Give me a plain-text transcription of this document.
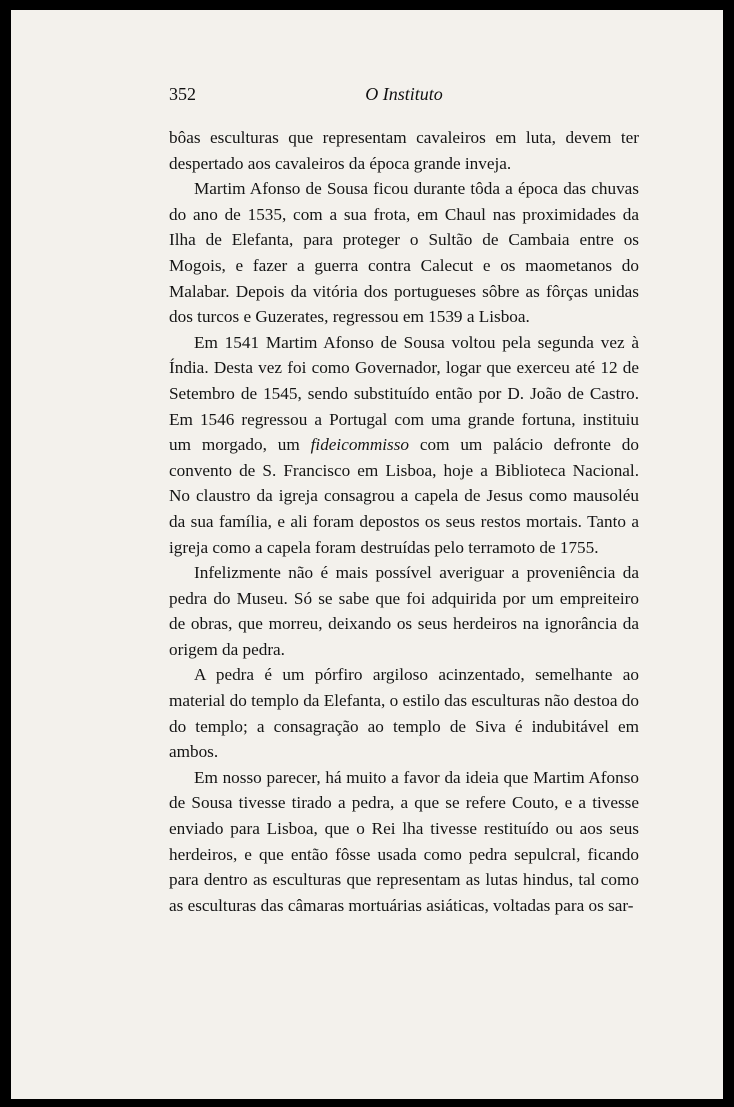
352	O Instituto

bôas esculturas que representam cavaleiros em luta, devem ter despertado aos cavaleiros da época grande inveja.

Martim Afonso de Sousa ficou durante tôda a época das chuvas do ano de 1535, com a sua frota, em Chaul nas proximidades da Ilha de Elefanta, para proteger o Sultão de Cambaia entre os Mogois, e fazer a guerra contra Calecut e os maometanos do Malabar. Depois da vitória dos portugueses sôbre as fôrças unidas dos turcos e Guzerates, regressou em 1539 a Lisboa.

Em 1541 Martim Afonso de Sousa voltou pela segunda vez à Índia. Desta vez foi como Governador, logar que exerceu até 12 de Setembro de 1545, sendo substituído então por D. João de Castro. Em 1546 regressou a Portugal com uma grande fortuna, instituiu um morgado, um fideicommisso com um palácio defronte do convento de S. Francisco em Lisboa, hoje a Biblioteca Nacional. No claustro da igreja consagrou a capela de Jesus como mausoléu da sua família, e ali foram depostos os seus restos mortais. Tanto a igreja como a capela foram destruídas pelo terramoto de 1755.

Infelizmente não é mais possível averiguar a proveniência da pedra do Museu. Só se sabe que foi adquirida por um empreiteiro de obras, que morreu, deixando os seus herdeiros na ignorância da origem da pedra.

A pedra é um pórfiro argiloso acinzentado, semelhante ao material do templo da Elefanta, o estilo das esculturas não destoa do do templo; a consagração ao templo de Siva é indubitável em ambos.

Em nosso parecer, há muito a favor da ideia que Martim Afonso de Sousa tivesse tirado a pedra, a que se refere Couto, e a tivesse enviado para Lisboa, que o Rei lha tivesse restituído ou aos seus herdeiros, e que então fôsse usada como pedra sepulcral, ficando para dentro as esculturas que representam as lutas hindus, tal como as esculturas das câmaras mortuárias asiáticas, voltadas para os sar-
